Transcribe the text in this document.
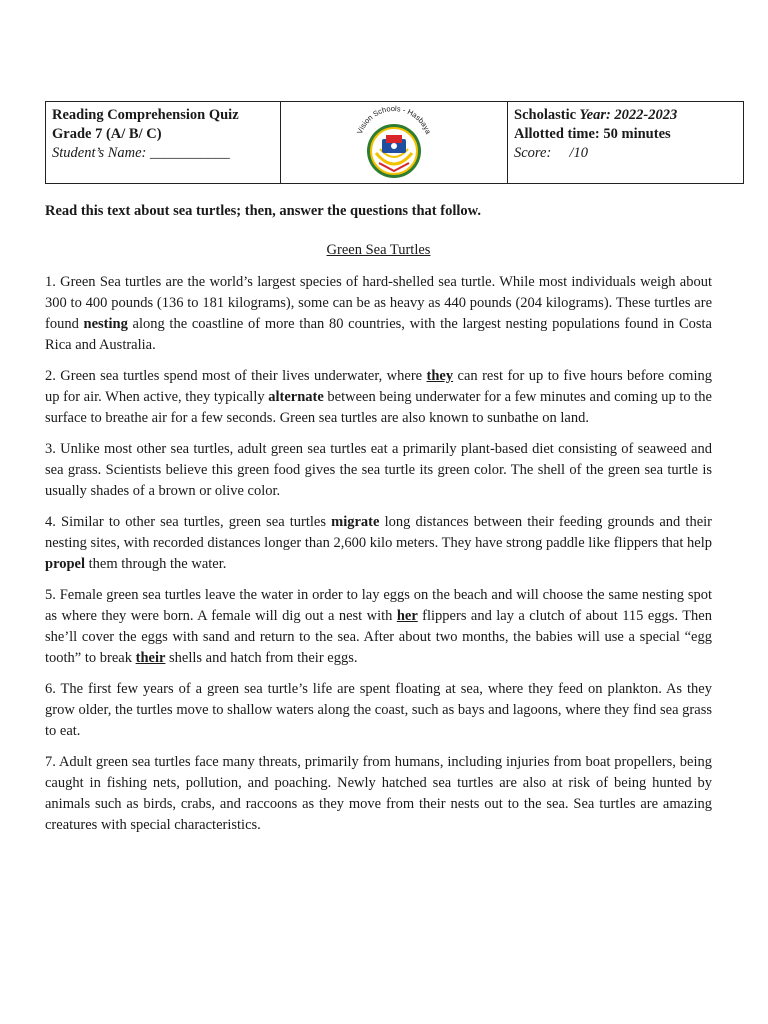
Reading Comprehension Quiz
Grade 7 (A/ B/ C)
Student’s Name: ___________

Vision Schools - Hasbaya

Scholastic Year: 2022-2023
Allotted time: 50 minutes
Score:     /10
Read this text about sea turtles; then, answer the questions that follow.
Green Sea Turtles

1. Green Sea turtles are the world’s largest species of hard-shelled sea turtle. While most individuals weigh about 300 to 400 pounds (136 to 181 kilograms), some can be as heavy as 440 pounds (204 kilograms). These turtles are found nesting along the coastline of more than 80 countries, with the largest nesting populations found in Costa Rica and Australia.

2. Green sea turtles spend most of their lives underwater, where they can rest for up to five hours before coming up for air. When active, they typically alternate between being underwater for a few minutes and coming up to the surface to breathe air for a few seconds. Green sea turtles are also known to sunbathe on land.

3. Unlike most other sea turtles, adult green sea turtles eat a primarily plant-based diet consisting of seaweed and sea grass. Scientists believe this green food gives the sea turtle its green color. The shell of the green sea turtle is usually shades of a brown or olive color.

4. Similar to other sea turtles, green sea turtles migrate long distances between their feeding grounds and their nesting sites, with recorded distances longer than 2,600 kilo meters. They have strong paddle like flippers that help propel them through the water.

5. Female green sea turtles leave the water in order to lay eggs on the beach and will choose the same nesting spot as where they were born. A female will dig out a nest with her flippers and lay a clutch of about 115 eggs. Then she’ll cover the eggs with sand and return to the sea. After about two months, the babies will use a special “egg tooth” to break their shells and hatch from their eggs.

6. The first few years of a green sea turtle’s life are spent floating at sea, where they feed on plankton. As they grow older, the turtles move to shallow waters along the coast, such as bays and lagoons, where they find sea grass to eat.

7. Adult green sea turtles face many threats, primarily from humans, including injuries from boat propellers, being caught in fishing nets, pollution, and poaching. Newly hatched sea turtles are also at risk of being hunted by animals such as birds, crabs, and raccoons as they move from their nests out to the sea. Sea turtles are amazing creatures with special characteristics.
